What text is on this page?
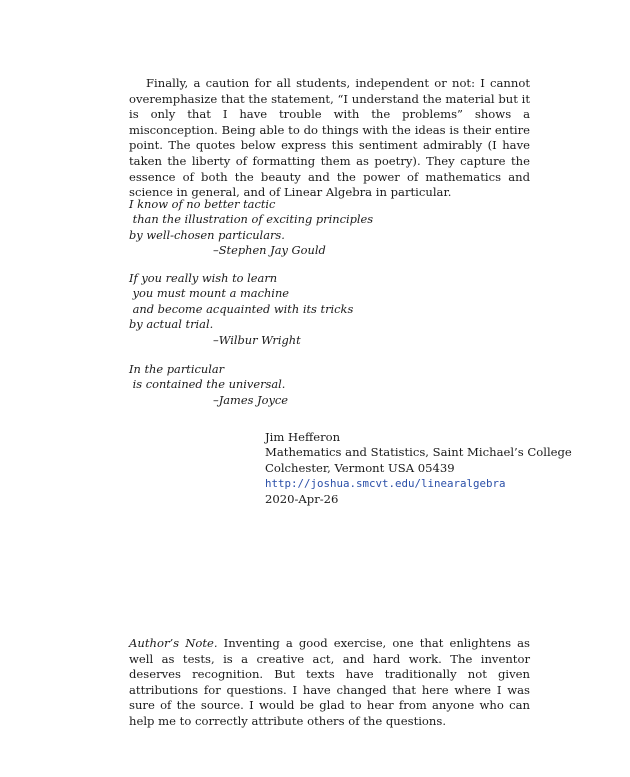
Finally, a caution for all students, independent or not: I cannot overemphasize that the statement, “I understand the material but it is only that I have trouble with the problems” shows a misconception. Being able to do things with the ideas is their entire point. The quotes below express this sentiment admirably (I have taken the liberty of formatting them as poetry). They capture the essence of both the beauty and the power of mathematics and science in general, and of Linear Algebra in particular.

I know of no better tactic
than the illustration of exciting principles
by well-chosen particulars.
–Stephen Jay Gould
If you really wish to learn
you must mount a machine
and become acquainted with its tricks
by actual trial.
–Wilbur Wright
In the particular
is contained the universal.
–James Joyce
Jim Hefferon
Mathematics and Statistics, Saint Michael’s College
Colchester, Vermont USA 05439
http://joshua.smcvt.edu/linearalgebra
2020-Apr-26

Author’s Note. Inventing a good exercise, one that enlightens as well as tests, is a creative act, and hard work. The inventor deserves recognition. But texts have traditionally not given attributions for questions. I have changed that here where I was sure of the source. I would be glad to hear from anyone who can help me to correctly attribute others of the questions.
